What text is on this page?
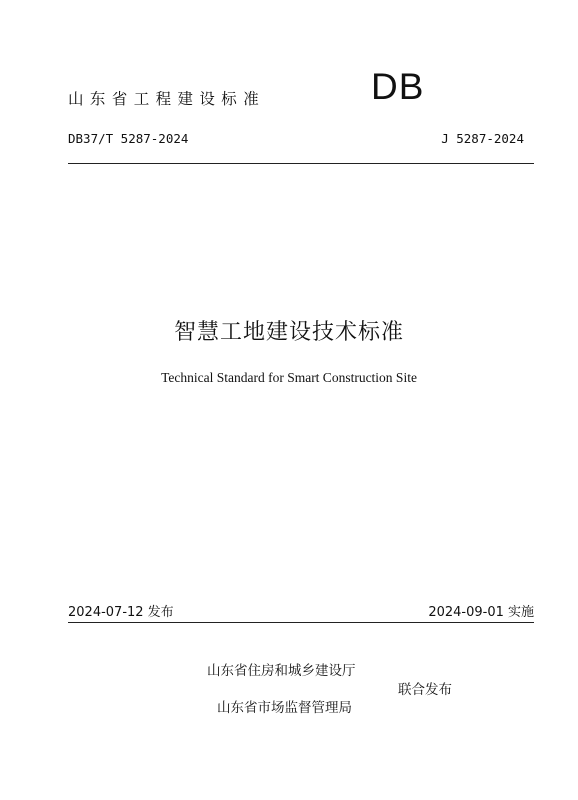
山东省工程建设标准	DB
DB37/T 5287-2024	J 5287-2024
智慧工地建设技术标准
Technical Standard for Smart Construction Site
2024-07-12 发布	2024-09-01 实施
山东省住房和城乡建设厅
联合发布
山东省市场监督管理局
